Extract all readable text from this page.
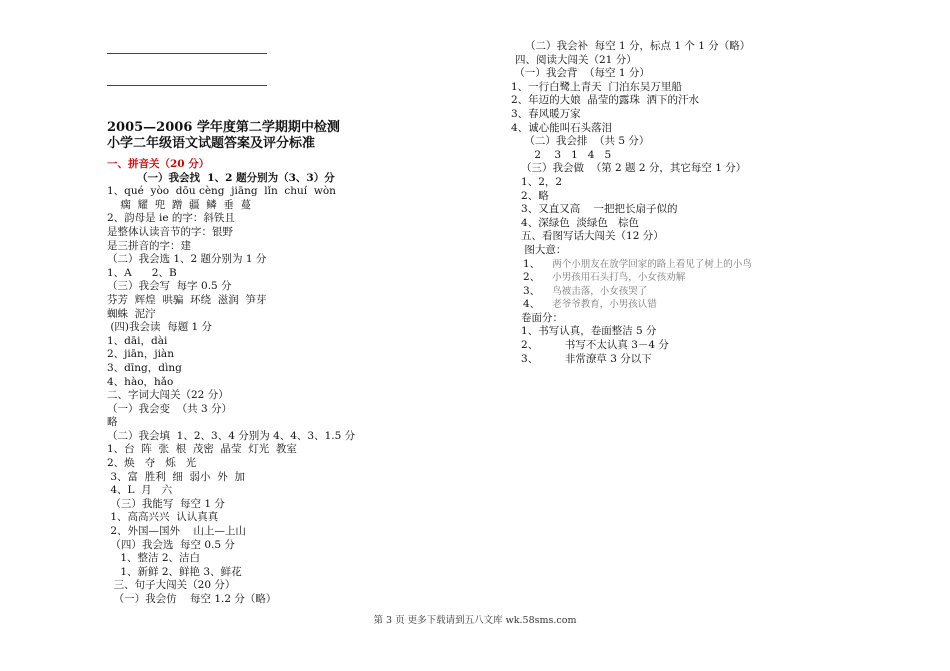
2005—2006 学年度第二学期期中检测
小学二年级语文试题答案及评分标准
一、拼音关（20 分）
（一）我会找  1、2 题分别为（3、3）分
1、qué  yòo  dōu cèng  jiāng  lǐn  chuí  wòn
瘸  耀  兜  蹭  疆  鳞  垂  蔓
2、韵母是 ie 的字：斜铁且
是整体认读音节的字：银野
是三拼音的字：建
（二）我会选 1、2 题分别为 1 分
1、A      2、B
（三）我会写  每字 0.5 分
芬芳  辉煌  哄骗  环绕  滋润  笋芽
蜘蛛  泥泞
(四)我会读  每题 1 分
1、dāi，dài
2、jiān，jiàn
3、dīng，dìng
4、hào，hǎo
二、字词大闯关（22 分）
（一）我会变  （共 3 分）
略
（二）我会填  1、2、3、4 分别为 4、4、3、1.5 分
1、台  阵  张  根  茂密  晶莹  灯光  教室
2、焕   夺   烁   光
3、富  胜利  细  弱小  外  加
4、L  月   六
（三）我能写  每空 1 分
1、高高兴兴  认认真真
2、外国—国外    山上—上山
（四）我会选  每空 0.5 分
1、整洁 2、洁白
1、新鲜 2、鲜艳 3、鲜花
三、句子大闯关（20 分）
（一）我会仿    每空 1.2 分（略）
（二）我会补  每空 1 分，标点 1 个 1 分（略）
四、阅读大闯关（21 分）
（一）我会背  （每空 1 分）
1、一行白鹭上青天  门泊东吴万里船
2、年迈的大娘  晶莹的露珠  洒下的汗水
3、春风暖万家
4、诚心能叫石头落泪
（二）我会排  （共 5 分）
2    3   1   4   5
（三）我会做  （第 2 题 2 分，其它每空 1 分）
1、2，2
2、略
3、又直又高    一把把长扇子似的
4、深绿色  淡绿色   棕色
五、看图写话大闯关（12 分）
图大意：
1、 两个小朋友在放学回家的路上看见了树上的小鸟
2、 小男孩用石头打鸟，小女孩劝解
3、 鸟被击落，小女孩哭了
4、 老爷爷教育，小男孩认错
卷面分：
1、书写认真，卷面整洁 5 分
2、        书写不太认真 3－4 分
3、        非常潦草 3 分以下
第 3 页 更多下载请到五八文库 wk.58sms.com
